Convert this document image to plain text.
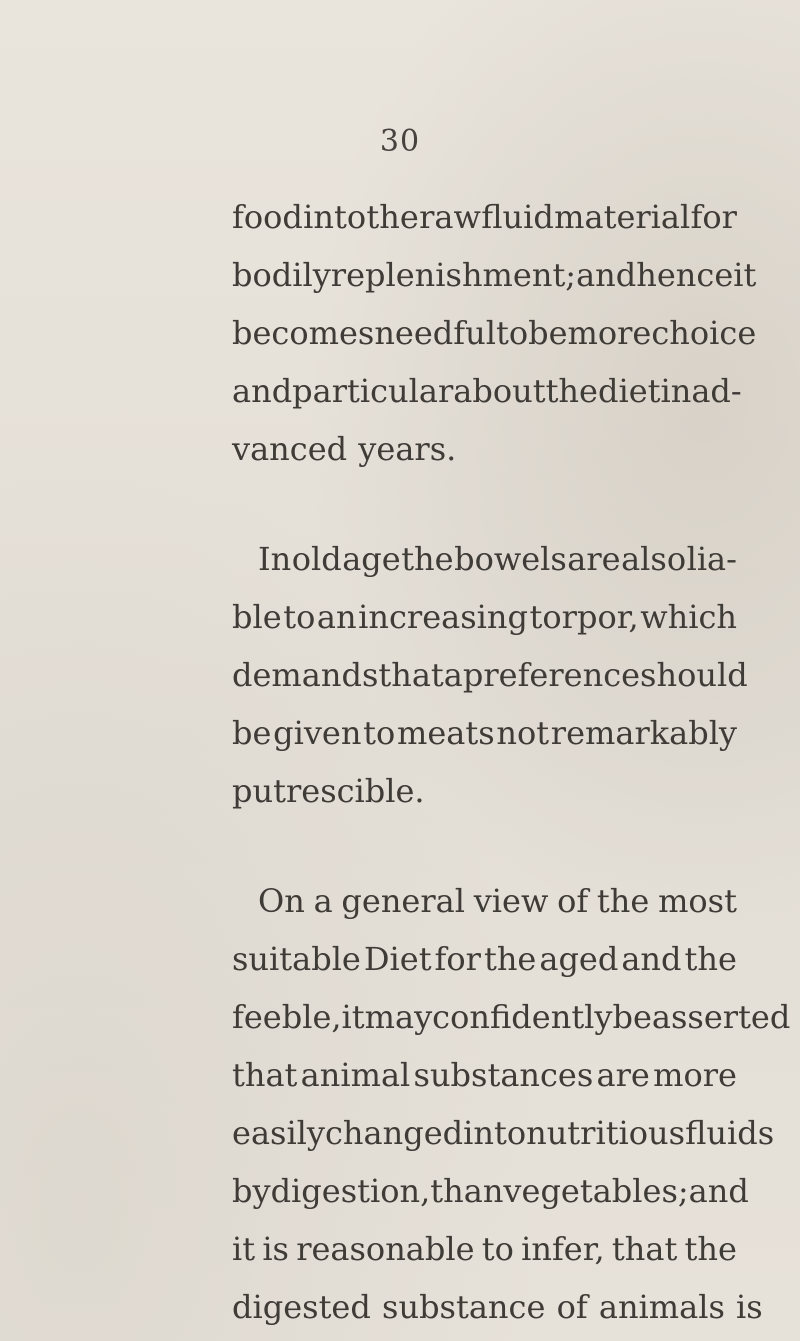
30
food into the raw fluid material for
bodily replenishment ; and hence it
becomes needful to be more choice
and particular about the diet in ad-
vanced years.
In old age the bowels are also lia-
ble to an increasing torpor, which
demands that a preference should
be given to meats not remarkably
putrescible.
On a general view of the most
suitable Diet for the aged and the
feeble, it may confidently be asserted
that animal substances are more
easily changed into nutritious fluids
by digestion, than vegetables; and
it is reasonable to infer, that the
digested substance of animals is
